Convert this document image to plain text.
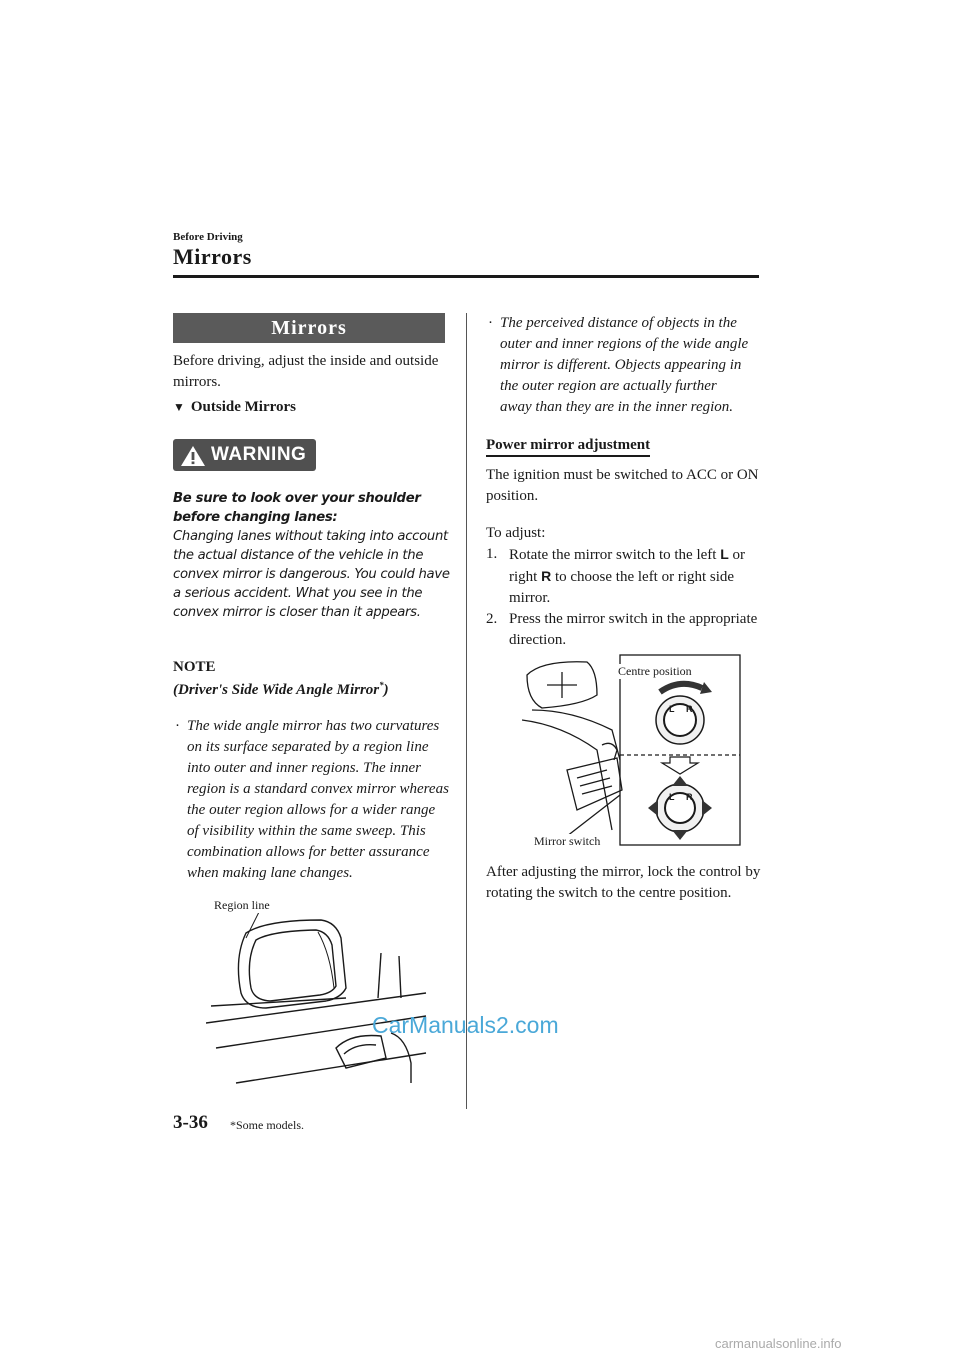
Before Driving
Mirrors
Mirrors
Before driving, adjust the inside and outside mirrors.
▼ Outside Mirrors
WARNING
Be sure to look over your shoulder before changing lanes:
Changing lanes without taking into account the actual distance of the vehicle in the convex mirror is dangerous. You could have a serious accident. What you see in the convex mirror is closer than it appears.
NOTE
(Driver's Side Wide Angle Mirror*)
· The wide angle mirror has two curvatures on its surface separated by a region line into outer and inner regions. The inner region is a standard convex mirror whereas the outer region allows for a wider range of visibility within the same sweep. This combination allows for better assurance when making lane changes.
Region line
· The perceived distance of objects in the outer and inner regions of the wide angle mirror is different. Objects appearing in the outer region are actually further away than they are in the inner region.
Power mirror adjustment
The ignition must be switched to ACC or ON position.
To adjust:
1. Rotate the mirror switch to the left L or right R to choose the left or right side mirror.
2. Press the mirror switch in the appropriate direction.
L R
L R
Centre position
Mirror switch
After adjusting the mirror, lock the control by rotating the switch to the centre position.
3-36 *Some models.
CarManuals2.com
carmanualsonline.info
